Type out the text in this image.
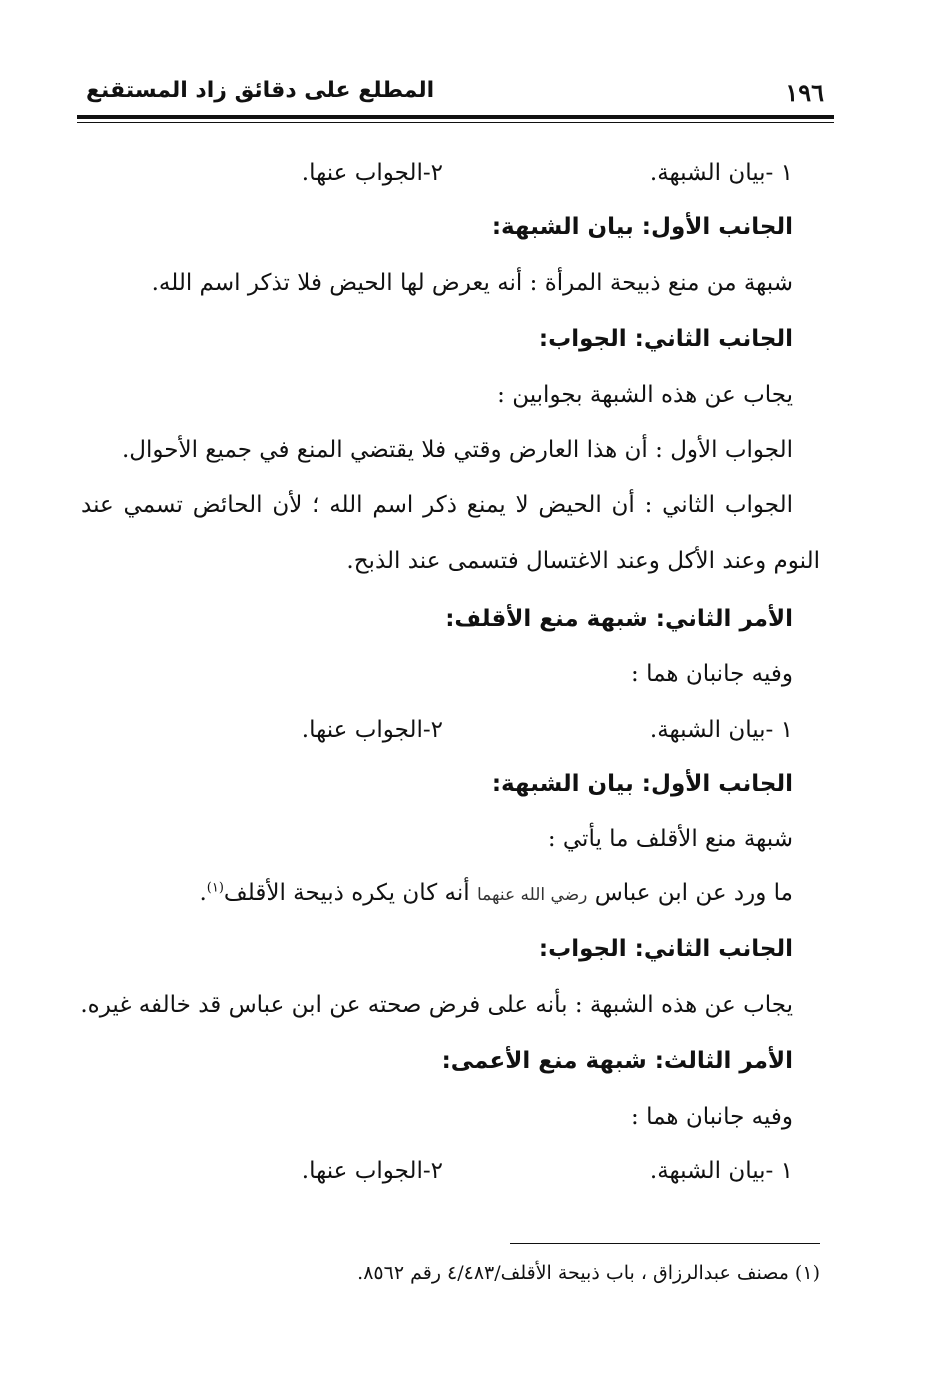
١٩٦
المطلع على دقائق زاد المستقنع
١ -بيان الشبهة.
٢-الجواب عنها.
الجانب الأول: بيان الشبهة:
شبهة من منع ذبيحة المرأة : أنه يعرض لها الحيض فلا تذكر اسم الله.
الجانب الثاني: الجواب:
يجاب عن هذه الشبهة بجوابين :
الجواب الأول : أن هذا العارض وقتي فلا يقتضي المنع في جميع الأحوال.
الجواب الثاني : أن الحيض لا يمنع ذكر اسم الله ؛ لأن الحائض تسمي عند
النوم وعند الأكل وعند الاغتسال فتسمى عند الذبح.
الأمر الثاني: شبهة منع الأقلف:
وفيه جانبان هما :
١ -بيان الشبهة.
٢-الجواب عنها.
الجانب الأول: بيان الشبهة:
شبهة منع الأقلف ما يأتي :
ما ورد عن ابن عباس رضي الله عنهما أنه كان يكره ذبيحة الأقلف$^{(١)}$.
الجانب الثاني: الجواب:
يجاب عن هذه الشبهة : بأنه على فرض صحته عن ابن عباس قد خالفه غيره.
الأمر الثالث: شبهة منع الأعمى:
وفيه جانبان هما :
١ -بيان الشبهة.
٢-الجواب عنها.
(١) مصنف عبدالرزاق ، باب ذبيحة الأقلف/٤/٤٨٣ رقم ٨٥٦٢.
